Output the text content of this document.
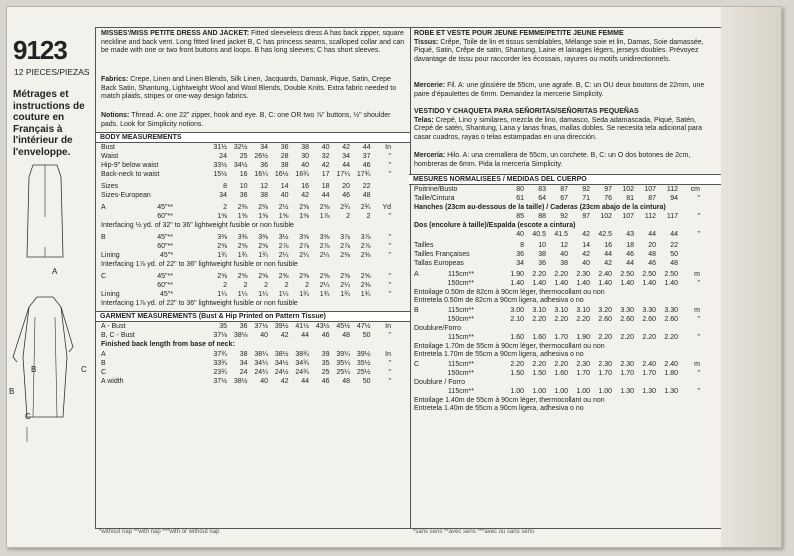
9123
12 PIECES/PIEZAS
Métrages et instructions de couture en Français à l'intérieur de l'enveloppe.
A
B	C
B
C
MISSES'/MISS PETITE DRESS AND JACKET: Fitted sleeveless dress A has back zipper, square neckline and back vent. Long fitted lined jacket B, C has princess seams, scalloped collar and can be made with one or two front buttons and loops. B has long sleeves; C has short sleeves.
Fabrics: Crepe, Linen and Linen Blends, Silk Linen, Jacquards, Damask, Pique, Satin, Crepe Back Satin, Shantung, Lightweight Wool and Wool Blends, Double Knits. Extra fabric needed to match plaids, stripes or one-way design fabrics.
Notions: Thread. A: one 22" zipper, hook and eye. B, C: one OR two ⅞" buttons, ½" shoulder pads. Look for Simplicity notions.
BODY MEASUREMENTS
Bust	31½ 32½	34	36	38	40	42	44	In
Waist	24	25 26½	28	30	32	34	37	"
Hip-9" below waist	33½ 34½	36	38	40	42	44	46	"
Back-neck to waist	15½	16 16¼ 16½ 16¾	17 17¼ 17¾	"
Sizes	8	10	12	14	16	18	20	22
Sizes-European	34	36	38	40	42	44	46	48
A	45"**	2	2⅜	2⅜	2½	2⅝	2⅝	2¾	2¾	Yd
60"**	1⅝	1⅝	1⅝	1⅝	1⅝	1⅞	2	2	"
Interfacing ½ yd. of 32" to 36" lightweight fusible or non fusible
B	45"**	3⅜	3⅜	3⅜	3½	3⅝	3⅝	3⅞	3⅞	"
60"**	2⅝	2⅝	2⅝	2⅞	2⅞	2⅞	2⅞	2⅞	"
Lining	45"*	1¾	1¾	1¾	2¼	2¼	2¼	2⅜	2⅜	"
Interfacing 1⅞ yd. of 22" to 36" lightweight fusible or non fusible
C	45"**	2⅝	2⅝	2⅝	2⅝	2⅝	2⅝	2⅝	2⅝	"
60"**	2	2	2	2	2	2¼	2¼	2⅜	"
Lining	45"*	1¼	1¼	1¼	1¼	1¾	1¾	1¾	1¾	"
Interfacing 1⅞ yd. of 22" to 36" lightweight fusible or non fusible
GARMENT MEASUREMENTS (Bust & Hip Printed on Pattern Tissue)
A - Bust	35	36 37½ 39½ 41½ 43½ 45½ 47½	In
B, C - Bust	37⅛ 38⅛	40	42	44	46	48	50	"
Finished back length from base of neck:
A	37¾	38 38¼ 38½ 38¾	39 39¼ 39½	In
B	33¾	34 34¼ 34½ 34¾	35 35¼ 35½	"
C	23¾	24 24¼ 24½ 24¾	25 25¼ 25½	"
A width	37½ 38½	40	42	44	46	48	50	"
ROBE ET VESTE POUR JEUNE FEMME/PETITE JEUNE FEMME
Tissus: Crêpe, Toile de lin et tissus semblables, Mélange soie et lin, Damas, Soie damassée, Piqué, Satin, Crêpe de satin, Shantung, Laine et lainages légers, jerseys doubles. Prévoyez davantage de tissu pour raccorder les écossais, rayures ou motifs unidirectionnels.
Mercerie: Fil. A: une glissière de 55cm, une agrafe. B, C: un OU deux boutons de 22mm, une paire d'épaulettes de 6mm. Demandez la mercerie Simplicity.
VESTIDO Y CHAQUETA PARA SEÑORITAS/SEÑORITAS PEQUEÑAS
Telas: Crepé, Lino y similares, mezcla de lino, damasco, Seda adamascada, Piqué, Satén, Crepé de satén, Shantung, Lana y lanas finas, mallas dobles. Se necesita tela adicional para casar cuadros, rayas o telas estampadas en una dirección.
Mercería: Hilo. A: una cremallera de 55cm, un corchete. B, C: un O dos botones de 2cm, hombreras de 6mm. Pida la mercería Simplicity.
MESURES NORMALISEES / MEDIDAS DEL CUERPO
Poitrine/Busto	80	83	87	92	97	102	107	112	cm
Taille/Cintura	61	64	67	71	76	81	87	94	"
Hanches (23cm au-dessous de la taille) / Caderas (23cm abajo de la cintura)
85	88	92	97	102	107	112	117	"
Dos (encolure à taille)/Espalda (escote a cintura)
40	40.5	41.5	42	42.5	43	44	44	"
Tailles	8	10	12	14	16	18	20	22
Tailles Françaises	36	38	40	42	44	46	48	50
Tallas Europeas	34	36	38	40	42	44	46	48
A	115cm**	1.90	2.20	2.20	2.30	2.40	2.50	2.50	2.50	m
150cm**	1.40	1.40	1.40	1.40	1.40	1.40	1.40	1.40	"
Entoilage 0.50m de 82cm à 90cm léger, thermocollant ou non
Entretela 0.50m de 82cm a 90cm ligera, adhesiva o no
B	115cm**	3.00	3.10	3.10	3.10	3.20	3.30	3.30	3.30	m
150cm**	2.10	2.20	2.20	2.20	2.60	2.60	2.60	2.60	"
Doublure/Forro
115cm**	1.60	1.60	1.70	1.90	2.20	2.20	2.20	2.20	"
Entoilage 1.70m de 55cm à 90cm léger, thermocollant ou non
Entretela 1.70m de 55cm a 90cm ligera, adhesiva o no
C	115cm**	2.20	2.20	2.20	2.30	2.30	2.30	2.40	2.40	m
150cm**	1.50	1.50	1.60	1.70	1.70	1.70	1.70	1.80	"
Doublure / Forro
115cm**	1.00	1.00	1.00	1.00	1.00	1.30	1.30	1.30	"
Entoilage 1.40m de 55cm à 90cm léger, thermocollant ou non
Entretela 1.40m de 55cm a 90cm ligera, adhesiva o no
*without nap **with nap ***with or without nap	*sans sens **avec sens ***avec ou sans sens
